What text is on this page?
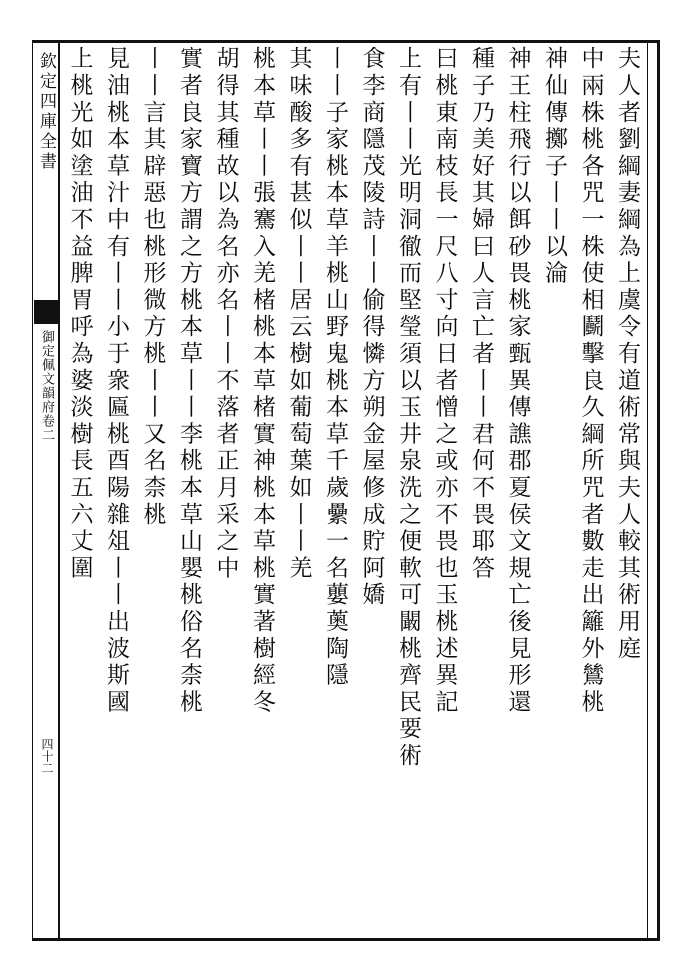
欽定四庫全書
御定佩文韻府卷二
四十二
夫人者劉綱妻綱為上虞令有道術常與夫人較其術用庭
中兩株桃各咒一株使相鬬擊良久綱所咒者數走出籬外鷥桃
神仙傳擲子丨丨以淪
神王柱飛行以餌砂畏桃家甄異傳譙郡夏侯文規亡後見形還
種子乃美好其婦曰人言亡者丨丨君何不畏耶答
曰桃東南枝長一尺八寸向日者憎之或亦不畏也玉桃述異記
上有丨丨光明洞徹而堅瑩須以玉井泉洗之便軟可闞桃齊民要術
食李商隱茂陵詩丨丨偷得憐方朔金屋修成貯阿嬌
丨丨子家桃本草羊桃山野鬼桃本草千歲纍一名蘡薁陶隱
其味酸多有甚似丨丨居云樹如葡萄葉如丨丨羌
桃本草丨丨張騫入羌楮桃本草楮實神桃本草桃實著樹經冬
胡得其種故以為名亦名丨丨不落者正月采之中
實者良家寶方謂之方桃本草丨丨李桃本草山嬰桃俗名柰桃
丨丨言其辟惡也桃形微方桃丨丨又名柰桃
見油桃本草汁中有丨丨小于衆匾桃酉陽雜俎丨丨出波斯國
上桃光如塗油不益脾胃呼為婆淡樹長五六丈圍
